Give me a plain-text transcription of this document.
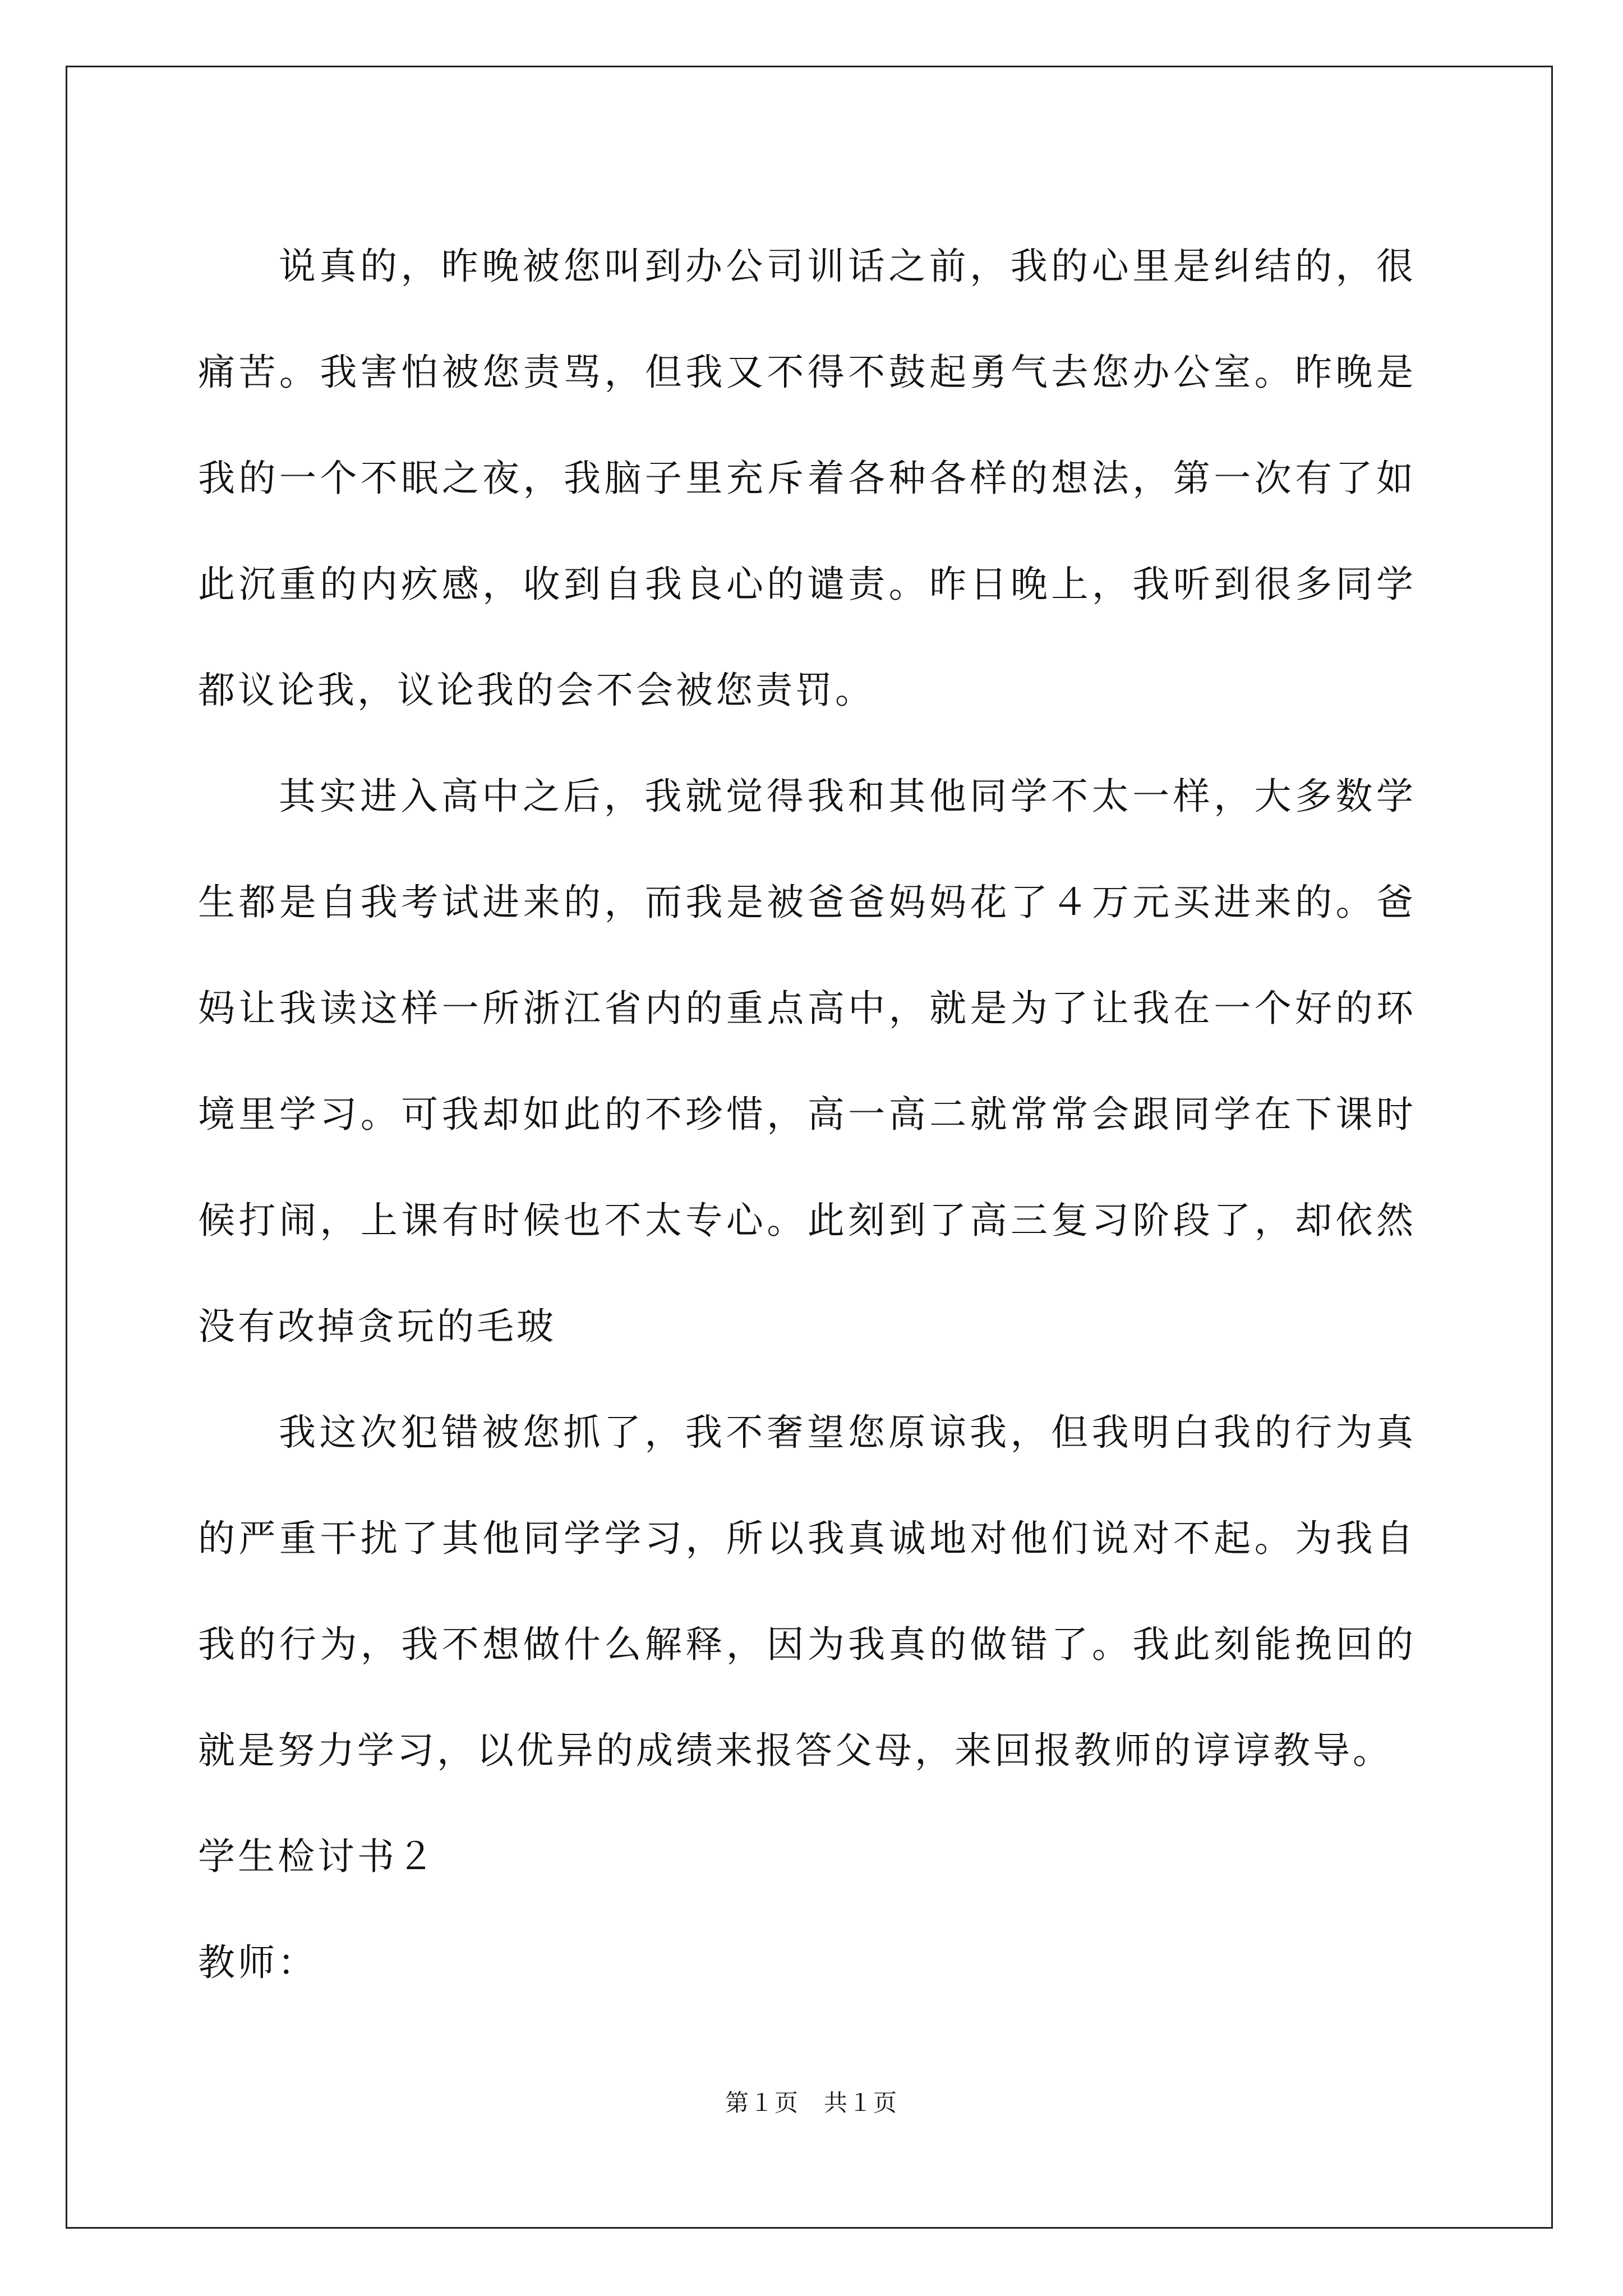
说真的，昨晚被您叫到办公司训话之前，我的心里是纠结的，很痛苦。我害怕被您责骂，但我又不得不鼓起勇气去您办公室。昨晚是我的一个不眠之夜，我脑子里充斥着各种各样的想法，第一次有了如此沉重的内疚感，收到自我良心的谴责。昨日晚上，我听到很多同学都议论我，议论我的会不会被您责罚。

其实进入高中之后，我就觉得我和其他同学不太一样，大多数学生都是自我考试进来的，而我是被爸爸妈妈花了４万元买进来的。爸妈让我读这样一所浙江省内的重点高中，就是为了让我在一个好的环境里学习。可我却如此的不珍惜，高一高二就常常会跟同学在下课时候打闹，上课有时候也不太专心。此刻到了高三复习阶段了，却依然没有改掉贪玩的毛玻

我这次犯错被您抓了，我不奢望您原谅我，但我明白我的行为真的严重干扰了其他同学学习，所以我真诚地对他们说对不起。为我自我的行为，我不想做什么解释，因为我真的做错了。我此刻能挽回的就是努力学习，以优异的成绩来报答父母，来回报教师的谆谆教导。

学生检讨书２

教师：

第１页　共１页
